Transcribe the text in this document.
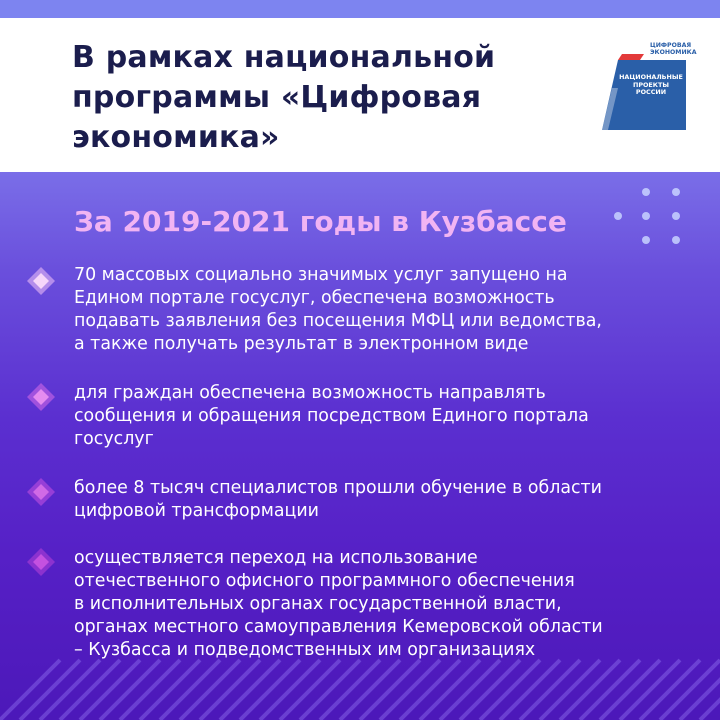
В рамках национальной
программы «Цифровая
экономика»
ЦИФРОВАЯ
ЭКОНОМИКА
НАЦИОНАЛЬНЫЕ
ПРОЕКТЫ
РОССИИ
За 2019-2021 годы в Кузбассе
70 массовых социально значимых услуг запущено на
Едином портале госуслуг, обеспечена возможность
подавать заявления без посещения МФЦ или ведомства,
а также получать результат в электронном виде
для граждан обеспечена возможность направлять
сообщения и обращения посредством Единого портала
госуслуг
более 8 тысяч специалистов прошли обучение в области
цифровой трансформации
осуществляется переход на использование
отечественного офисного программного обеспечения
в исполнительных органах государственной власти,
органах местного самоуправления Кемеровской области
– Кузбасса и подведомственных им организациях
